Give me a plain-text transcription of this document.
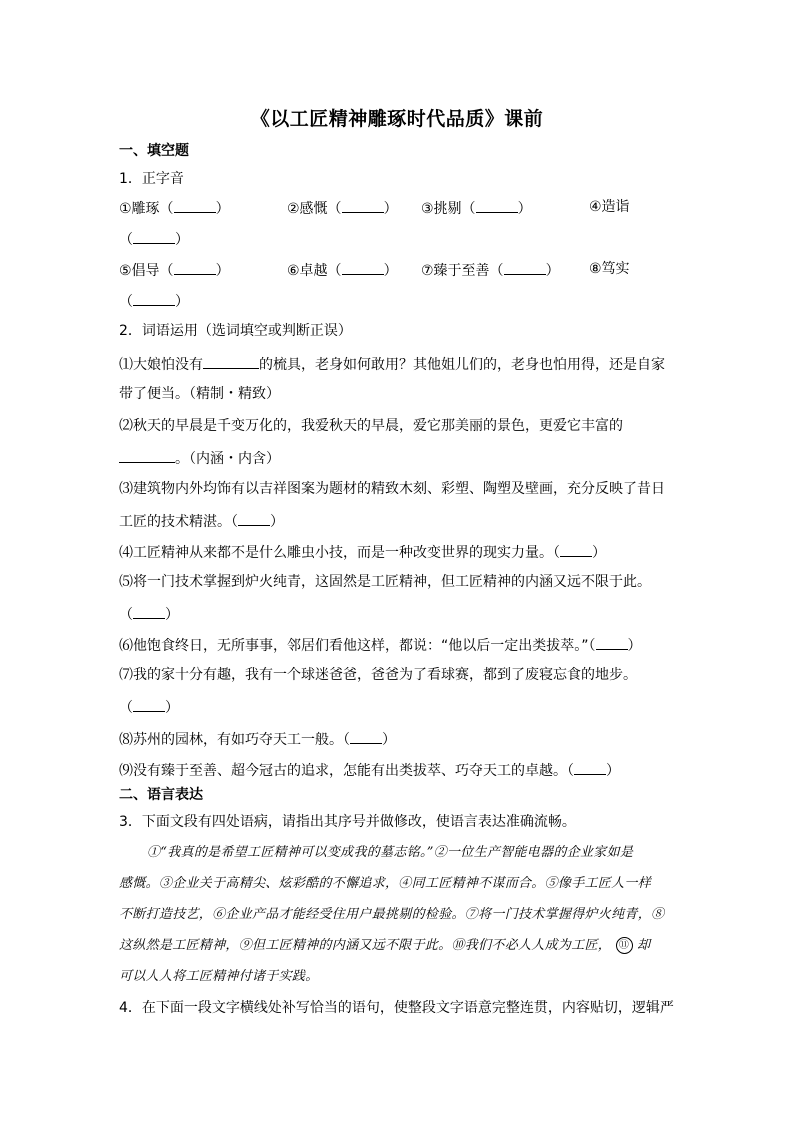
《以工匠精神雕琢时代品质》课前
一、填空题
1．正字音
①雕琢（	）	②感慨（	） ③挑剔（	）	④造诣
（	）
⑤倡导（	）	⑥卓越（	） ⑦臻于至善（	） ⑧笃实
（	）
2．词语运用（选词填空或判断正误）
⑴大娘怕没有	的梳具，老身如何敢用？其他姐儿们的，老身也怕用得，还是自家
带了便当。（精制・精致）
⑵秋天的早晨是千变万化的，我爱秋天的早晨，爱它那美丽的景色，更爱它丰富的
。（内涵・内含）
⑶建筑物内外均饰有以吉祥图案为题材的精致木刻、彩塑、陶塑及壁画，充分反映了昔日
工匠的技术精湛。（ ）
⑷工匠精神从来都不是什么雕虫小技，而是一种改变世界的现实力量。（ ）
⑸将一门技术掌握到炉火纯青，这固然是工匠精神，但工匠精神的内涵又远不限于此。
（ ）
⑹他饱食终日，无所事事，邻居们看他这样，都说：“他以后一定出类拔萃。”（ ）
⑺我的家十分有趣，我有一个球迷爸爸，爸爸为了看球赛，都到了废寝忘食的地步。
（ ）
⑻苏州的园林，有如巧夺天工一般。（ ）
⑼没有臻于至善、超今冠古的追求，怎能有出类拔萃、巧夺天工的卓越。（ ）
二、语言表达
3．下面文段有四处语病，请指出其序号并做修改，使语言表达准确流畅。
①“我真的是希望工匠精神可以变成我的墓志铭。”②一位生产智能电器的企业家如是
感慨。③企业关于高精尖、炫彩酷的不懈追求，④同工匠精神不谋而合。⑤像手工匠人一样
不断打造技艺，⑥企业产品才能经受住用户最挑剔的检验。⑦将一门技术掌握得炉火纯青，⑧
这纵然是工匠精神，⑨但工匠精神的内涵又远不限于此。⑩我们不必人人成为工匠， ⑪ 却
可以人人将工匠精神付诸于实践。
4．在下面一段文字横线处补写恰当的语句，使整段文字语意完整连贯，内容贴切，逻辑严
